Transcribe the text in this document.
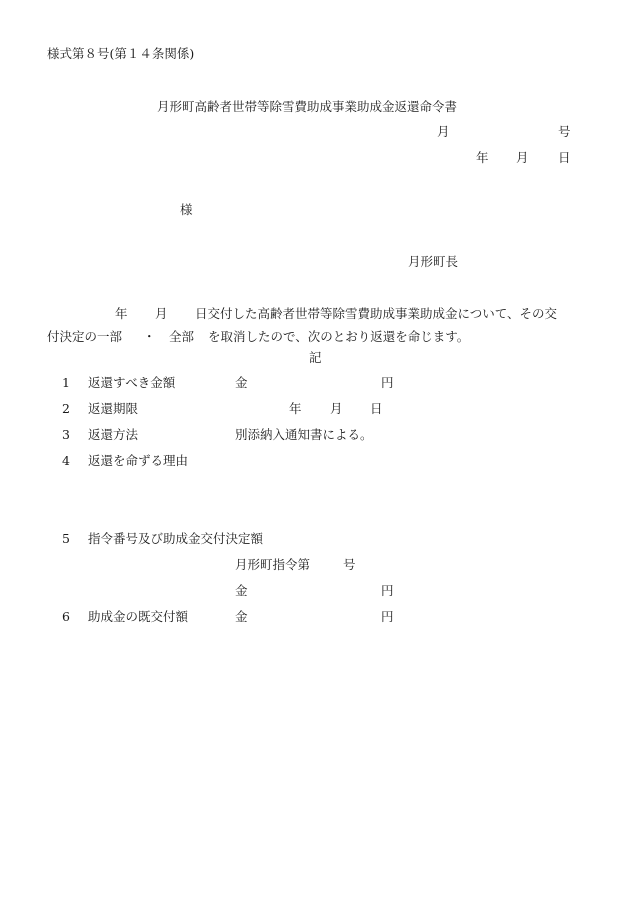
様式第８号(第１４条関係)
月形町高齢者世帯等除雪費助成事業助成金返還命令書
月	号
年 月 日
様
月形町長
年 月 日交付した高齢者世帯等除雪費助成事業助成金について、その交
付決定の一部 ・ 全部 を取消したので、次のとおり返還を命じます。
記
1 返還すべき金額	金	円
2 返還期限	年 月 日
3 返還方法	別添納入通知書による。
4 返還を命ずる理由
5 指令番号及び助成金交付決定額
月形町指令第	号
金	円
6 助成金の既交付額	金	円
